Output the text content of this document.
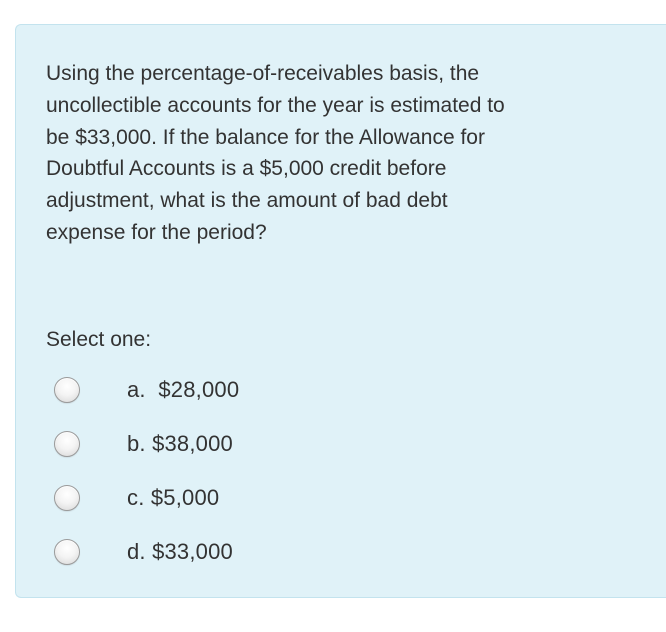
Using the percentage-of-receivables basis, the
uncollectible accounts for the year is estimated to
be $33,000. If the balance for the Allowance for
Doubtful Accounts is a $5,000 credit before
adjustment, what is the amount of bad debt
expense for the period?

Select one:

a. $28,000
b. $38,000
c. $5,000
d. $33,000
